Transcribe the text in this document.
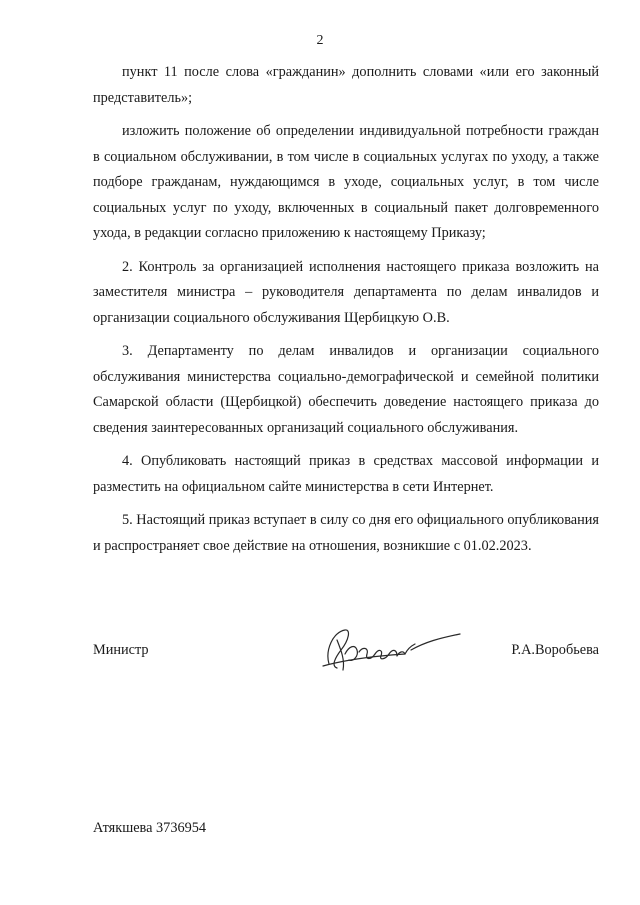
2

пункт 11 после слова «гражданин» дополнить словами «или его законный представитель»;

изложить положение об определении индивидуальной потребности граждан в социальном обслуживании, в том числе в социальных услугах по уходу, а также подборе гражданам, нуждающимся в уходе, социальных услуг, в том числе социальных услуг по уходу, включенных в социальный пакет долговременного ухода, в редакции согласно приложению к настоящему Приказу;

2. Контроль за организацией исполнения настоящего приказа возложить на заместителя министра – руководителя департамента по делам инвалидов и организации социального обслуживания Щербицкую О.В.

3. Департаменту по делам инвалидов и организации социального обслуживания министерства социально-демографической и семейной политики Самарской области (Щербицкой) обеспечить доведение настоящего приказа до сведения заинтересованных организаций социального обслуживания.

4. Опубликовать настоящий приказ в средствах массовой информации и разместить на официальном сайте министерства в сети Интернет.

5. Настоящий приказ вступает в силу со дня его официального опубликования и распространяет свое действие на отношения, возникшие с 01.02.2023.

Министр	Р.А.Воробьева
Атякшева 3736954
